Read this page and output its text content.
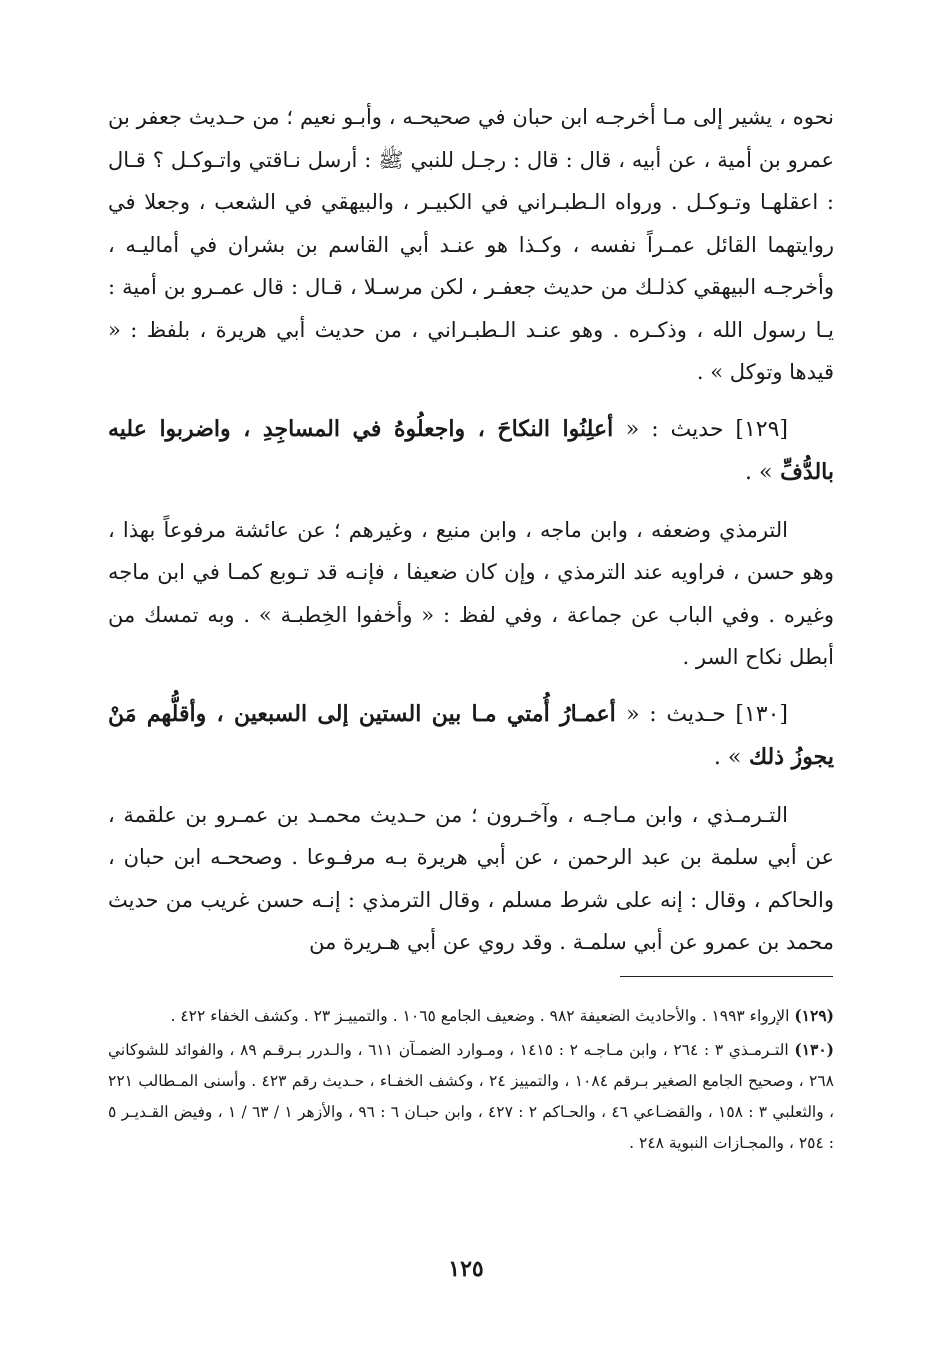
نحوه ، يشير إلى مـا أخرجـه ابن حبان في صحيحـه ، وأبـو نعيم ؛ من حـديث جعفر بن عمرو بن أمية ، عن أبيه ، قال : قال : رجـل للنبي ﷺ : أرسل نـاقتي واتـوكـل ؟ قـال : اعقلهـا وتـوكـل . ورواه الـطبـراني في الكبيـر ، والبيهقي في الشعب ، وجعلا في روايتهما القائل عمـراً نفسه ، وكـذا هو عنـد أبي القاسم بن بشران في أماليـه ، وأخرجـه البيهقي كذلـك من حديث جعفـر ، لكن مرسـلا ، قـال : قال عمـرو بن أمية : يـا رسول الله ، وذكـره . وهو عنـد الـطبـراني ، من حديث أبي هريرة ، بلفظ : « قيدها وتوكل » .

[١٢٩] حديث : « أعلِنُوا النكاحَ ، واجعلُوهُ في المساجِدِ ، واضربوا عليه بالدُّفِّ » .

الترمذي وضعفه ، وابن ماجه ، وابن منيع ، وغيرهم ؛ عن عائشة مرفوعاً بهذا ، وهو حسن ، فراويه عند الترمذي ، وإن كان ضعيفا ، فإنـه قد تـوبع كمـا في ابن ماجه وغيره . وفي الباب عن جماعة ، وفي لفظ : « وأخفوا الخِطبـة » . وبه تمسك من أبطل نكاح السر .

[١٣٠] حـديث : « أعمـارُ أُمتي مـا بين الستين إلى السبعين ، وأقلُّهم مَنْ يجوزُ ذلك » .

التـرمـذي ، وابن مـاجـه ، وآخـرون ؛ من حـديث محمـد بن عمـرو بن علقمة ، عن أبي سلمة بن عبد الرحمن ، عن أبي هريرة بـه مرفـوعا . وصححـه ابن حبان ، والحاكم ، وقال : إنه على شرط مسلم ، وقال الترمذي : إنـه حسن غريب من حديث محمد بن عمرو عن أبي سلمـة . وقد روي عن أبي هـريرة من

(١٢٩) الإرواء ١٩٩٣ . والأحاديث الضعيفة ٩٨٢ . وضعيف الجامع ١٠٦٥ . والتمييـز ٢٣ . وكشف الخفاء ٤٢٢ .

(١٣٠) التـرمـذي ٣ : ٢٦٤ ، وابن مـاجـه ٢ : ١٤١٥ ، ومـوارد الضمـآن ٦١١ ، والـدرر بـرقـم ٨٩ ، والفوائد للشوكاني ٢٦٨ ، وصحيح الجامع الصغير بـرقم ١٠٨٤ ، والتمييز ٢٤ ، وكشف الخفـاء ، حـديث رقم ٤٢٣ . وأسنى المـطالب ٢٢١ ، والثعلبي ٣ : ١٥٨ ، والقضـاعي ٤٦ ، والحـاكم ٢ : ٤٢٧ ، وابن حبـان ٦ : ٩٦ ، والأزهر ١ / ٦٣ / ١ ، وفيض القـديـر ٥ : ٢٥٤ ، والمجـازات النبوية ٢٤٨ .

١٢٥
